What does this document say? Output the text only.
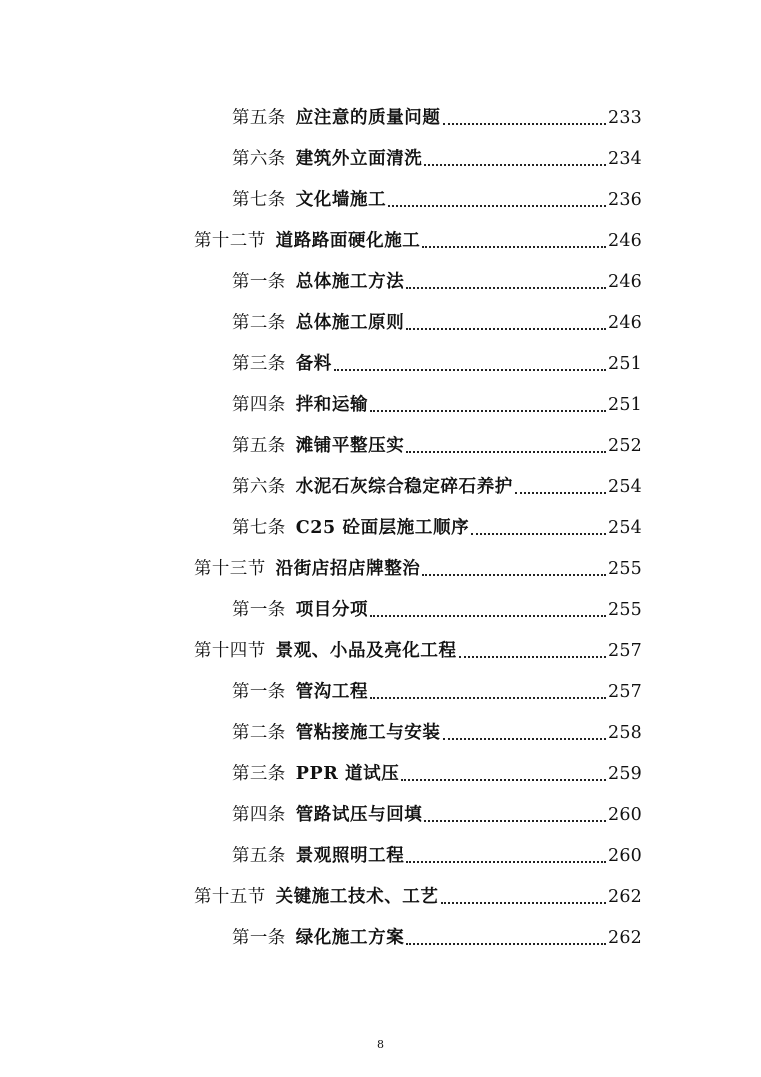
第五条 应注意的质量问题	233
第六条 建筑外立面清洗	234
第七条 文化墙施工	236
第十二节 道路路面硬化施工	246
第一条 总体施工方法	246
第二条 总体施工原则	246
第三条 备料	251
第四条 拌和运输	251
第五条 滩铺平整压实	252
第六条 水泥石灰综合稳定碎石养护	254
第七条 C25 砼面层施工顺序	254
第十三节 沿街店招店牌整治	255
第一条 项目分项	255
第十四节 景观、小品及亮化工程	257
第一条 管沟工程	257
第二条 管粘接施工与安装	258
第三条 PPR 道试压	259
第四条 管路试压与回填	260
第五条 景观照明工程	260
第十五节 关键施工技术、工艺	262
第一条 绿化施工方案	262
8
